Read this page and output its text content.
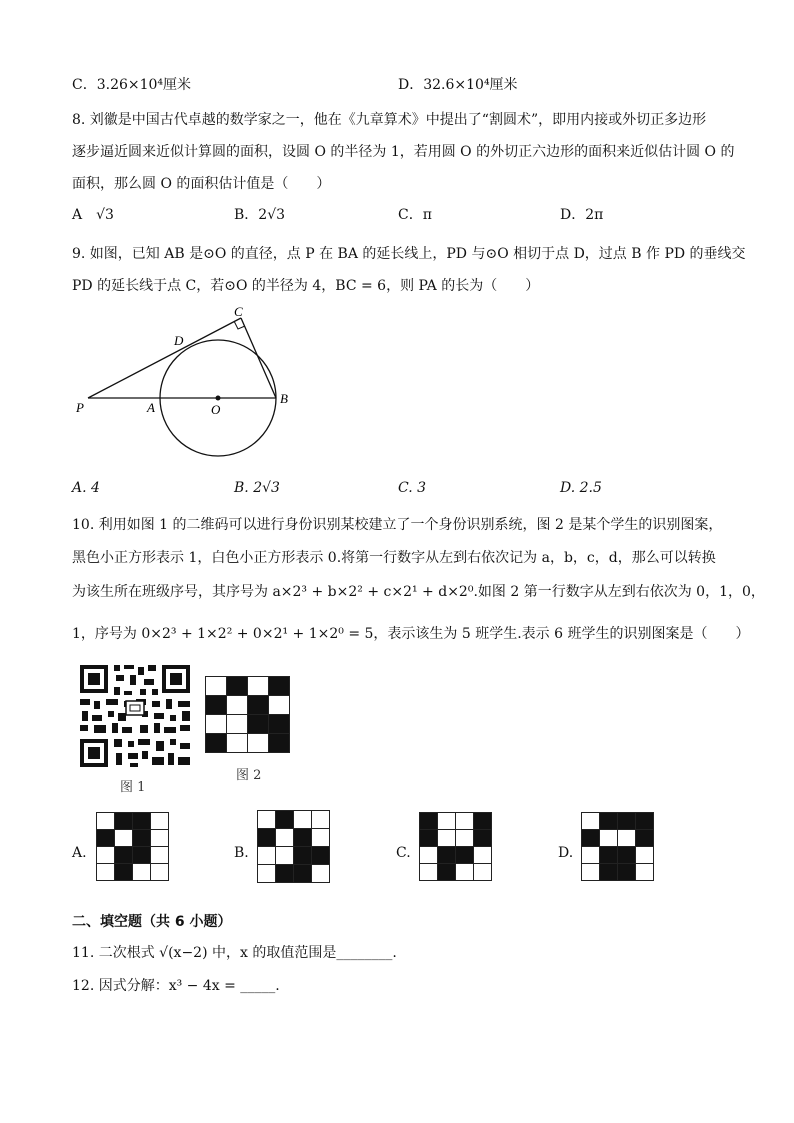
C．3.26×10⁴厘米	D．32.6×10⁴厘米
8. 刘徽是中国古代卓越的数学家之一，他在《九章算术》中提出了“割圆术”，即用内接或外切正多边形
逐步逼近圆来近似计算圆的面积，设圆 O 的半径为 1，若用圆 O 的外切正六边形的面积来近似估计圆 O 的
面积，那么圆 O 的面积估计值是（　　）
A　√3	B．2√3	C．π	D．2π
9. 如图，已知 AB 是⊙O 的直径，点 P 在 BA 的延长线上，PD 与⊙O 相切于点 D，过点 B 作 PD 的垂线交
PD 的延长线于点 C，若⊙O 的半径为 4，BC = 6，则 PA 的长为（　　）
C
D
P	A	O
B
A. 4	B. 2√3	C. 3	D. 2.5
10. 利用如图 1 的二维码可以进行身份识别某校建立了一个身份识别系统，图 2 是某个学生的识别图案，
黑色小正方形表示 1，白色小正方形表示 0.将第一行数字从左到右依次记为 a，b，c，d，那么可以转换
为该生所在班级序号，其序号为 a×2³ + b×2² + c×2¹ + d×2⁰.如图 2 第一行数字从左到右依次为 0，1，0，
1，序号为 0×2³ + 1×2² + 0×2¹ + 1×2⁰ = 5，表示该生为 5 班学生.表示 6 班学生的识别图案是（　　）
图 1

图 2
A.

				B.

				C.

				D.

二、填空题（共 6 小题）
11. 二次根式 √(x−2) 中，x 的取值范围是________.
12. 因式分解：x³ − 4x = _____.
